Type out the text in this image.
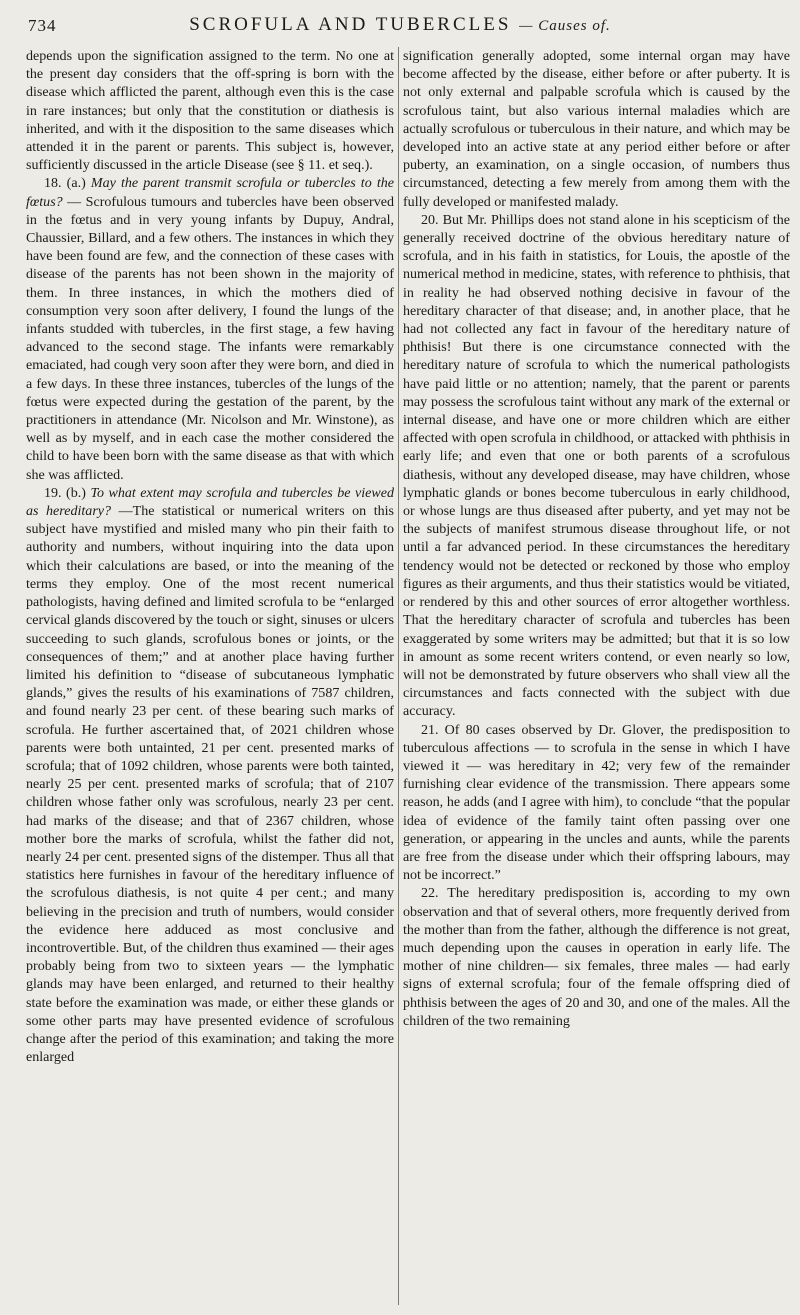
734	SCROFULA AND TUBERCLES — Causes of.

depends upon the signification assigned to the term. No one at the present day considers that the off-spring is born with the disease which afflicted the parent, although even this is the case in rare instances; but only that the constitution or diathesis is inherited, and with it the disposition to the same diseases which attended it in the parent or parents. This subject is, however, sufficiently discussed in the article Disease (see § 11. et seq.).

18. (a.) May the parent transmit scrofula or tubercles to the fœtus? — Scrofulous tumours and tubercles have been observed in the fœtus and in very young infants by Dupuy, Andral, Chaussier, Billard, and a few others. The instances in which they have been found are few, and the connection of these cases with disease of the parents has not been shown in the majority of them. In three instances, in which the mothers died of consumption very soon after delivery, I found the lungs of the infants studded with tubercles, in the first stage, a few having advanced to the second stage. The infants were remarkably emaciated, had cough very soon after they were born, and died in a few days. In these three instances, tubercles of the lungs of the fœtus were expected during the gestation of the parent, by the practitioners in attendance (Mr. Nicolson and Mr. Winstone), as well as by myself, and in each case the mother considered the child to have been born with the same disease as that with which she was afflicted.

19. (b.) To what extent may scrofula and tubercles be viewed as hereditary? —The statistical or numerical writers on this subject have mystified and misled many who pin their faith to authority and numbers, without inquiring into the data upon which their calculations are based, or into the meaning of the terms they employ. One of the most recent numerical pathologists, having defined and limited scrofula to be “enlarged cervical glands discovered by the touch or sight, sinuses or ulcers succeeding to such glands, scrofulous bones or joints, or the consequences of them;” and at another place having further limited his definition to “disease of subcutaneous lymphatic glands,” gives the results of his examinations of 7587 children, and found nearly 23 per cent. of these bearing such marks of scrofula. He further ascertained that, of 2021 children whose parents were both untainted, 21 per cent. presented marks of scrofula; that of 1092 children, whose parents were both tainted, nearly 25 per cent. presented marks of scrofula; that of 2107 children whose father only was scrofulous, nearly 23 per cent. had marks of the disease; and that of 2367 children, whose mother bore the marks of scrofula, whilst the father did not, nearly 24 per cent. presented signs of the distemper. Thus all that statistics here furnishes in favour of the hereditary influence of the scrofulous diathesis, is not quite 4 per cent.; and many believing in the precision and truth of numbers, would consider the evidence here adduced as most conclusive and incontrovertible. But, of the children thus examined — their ages probably being from two to sixteen years — the lymphatic glands may have been enlarged, and returned to their healthy state before the examination was made, or either these glands or some other parts may have presented evidence of scrofulous change after the period of this examination; and taking the more enlarged

signification generally adopted, some internal organ may have become affected by the disease, either before or after puberty. It is not only external and palpable scrofula which is caused by the scrofulous taint, but also various internal maladies which are actually scrofulous or tuberculous in their nature, and which may be developed into an active state at any period either before or after puberty, an examination, on a single occasion, of numbers thus circumstanced, detecting a few merely from among them with the fully developed or manifested malady.

20. But Mr. Phillips does not stand alone in his scepticism of the generally received doctrine of the obvious hereditary nature of scrofula, and in his faith in statistics, for Louis, the apostle of the numerical method in medicine, states, with reference to phthisis, that in reality he had observed nothing decisive in favour of the hereditary character of that disease; and, in another place, that he had not collected any fact in favour of the hereditary nature of phthisis! But there is one circumstance connected with the hereditary nature of scrofula to which the numerical pathologists have paid little or no attention; namely, that the parent or parents may possess the scrofulous taint without any mark of the external or internal disease, and have one or more children which are either affected with open scrofula in childhood, or attacked with phthisis in early life; and even that one or both parents of a scrofulous diathesis, without any developed disease, may have children, whose lymphatic glands or bones become tuberculous in early childhood, or whose lungs are thus diseased after puberty, and yet may not be the subjects of manifest strumous disease throughout life, or not until a far advanced period. In these circumstances the hereditary tendency would not be detected or reckoned by those who employ figures as their arguments, and thus their statistics would be vitiated, or rendered by this and other sources of error altogether worthless. That the hereditary character of scrofula and tubercles has been exaggerated by some writers may be admitted; but that it is so low in amount as some recent writers contend, or even nearly so low, will not be demonstrated by future observers who shall view all the circumstances and facts connected with the subject with due accuracy.

21. Of 80 cases observed by Dr. Glover, the predisposition to tuberculous affections — to scrofula in the sense in which I have viewed it — was hereditary in 42; very few of the remainder furnishing clear evidence of the transmission. There appears some reason, he adds (and I agree with him), to conclude “that the popular idea of evidence of the family taint often passing over one generation, or appearing in the uncles and aunts, while the parents are free from the disease under which their offspring labours, may not be incorrect.”

22. The hereditary predisposition is, according to my own observation and that of several others, more frequently derived from the mother than from the father, although the difference is not great, much depending upon the causes in operation in early life. The mother of nine children— six females, three males — had early signs of external scrofula; four of the female offspring died of phthisis between the ages of 20 and 30, and one of the males. All the children of the two remaining
